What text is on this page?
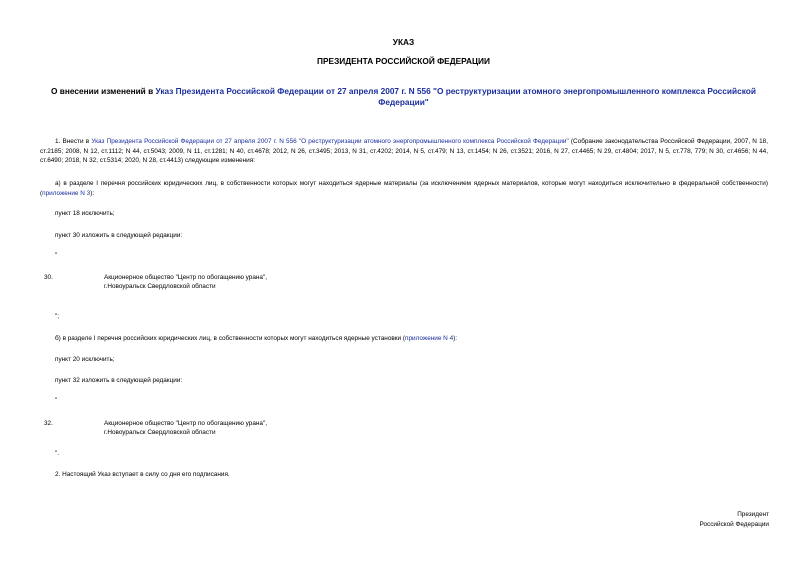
УКАЗ
ПРЕЗИДЕНТА РОССИЙСКОЙ ФЕДЕРАЦИИ
О внесении изменений в Указ Президента Российской Федерации от 27 апреля 2007 г. N 556 "О реструктуризации атомного энергопромышленного комплекса Российской Федерации"
1. Внести в Указ Президента Российской Федерации от 27 апреля 2007 г. N 556 "О реструктуризации атомного энергопромышленного комплекса Российской Федерации" (Собрание законодательства Российской Федерации, 2007, N 18, ст.2185; 2008, N 12, ст.1112; N 44, ст.5043; 2009, N 11, ст.1281; N 40, ст.4678; 2012, N 26, ст.3495; 2013, N 31, ст.4202; 2014, N 5, ст.479; N 13, ст.1454; N 26, ст.3521; 2016, N 27, ст.4465; N 29, ст.4804; 2017, N 5, ст.778, 779; N 30, ст.4656; N 44, ст.6490; 2018, N 32, ст.5314; 2020, N 28, ст.4413) следующие изменения:
а) в разделе I перечня российских юридических лиц, в собственности которых могут находиться ядерные материалы (за исключением ядерных материалов, которые могут находиться исключительно в федеральной собственности) (приложение N 3):
пункт 18 исключить;
пункт 30 изложить в следующей редакции:
"
30.	Акционерное общество "Центр по обогащению урана",
г.Новоуральск Свердловской области
";
б) в разделе I перечня российских юридических лиц, в собственности которых могут находиться ядерные установки (приложение N 4):
пункт 20 исключить;
пункт 32 изложить в следующей редакции:
"
32.	Акционерное общество "Центр по обогащению урана",
г.Новоуральск Свердловской области
".
2. Настоящий Указ вступает в силу со дня его подписания.
Президент
Российской Федерации
